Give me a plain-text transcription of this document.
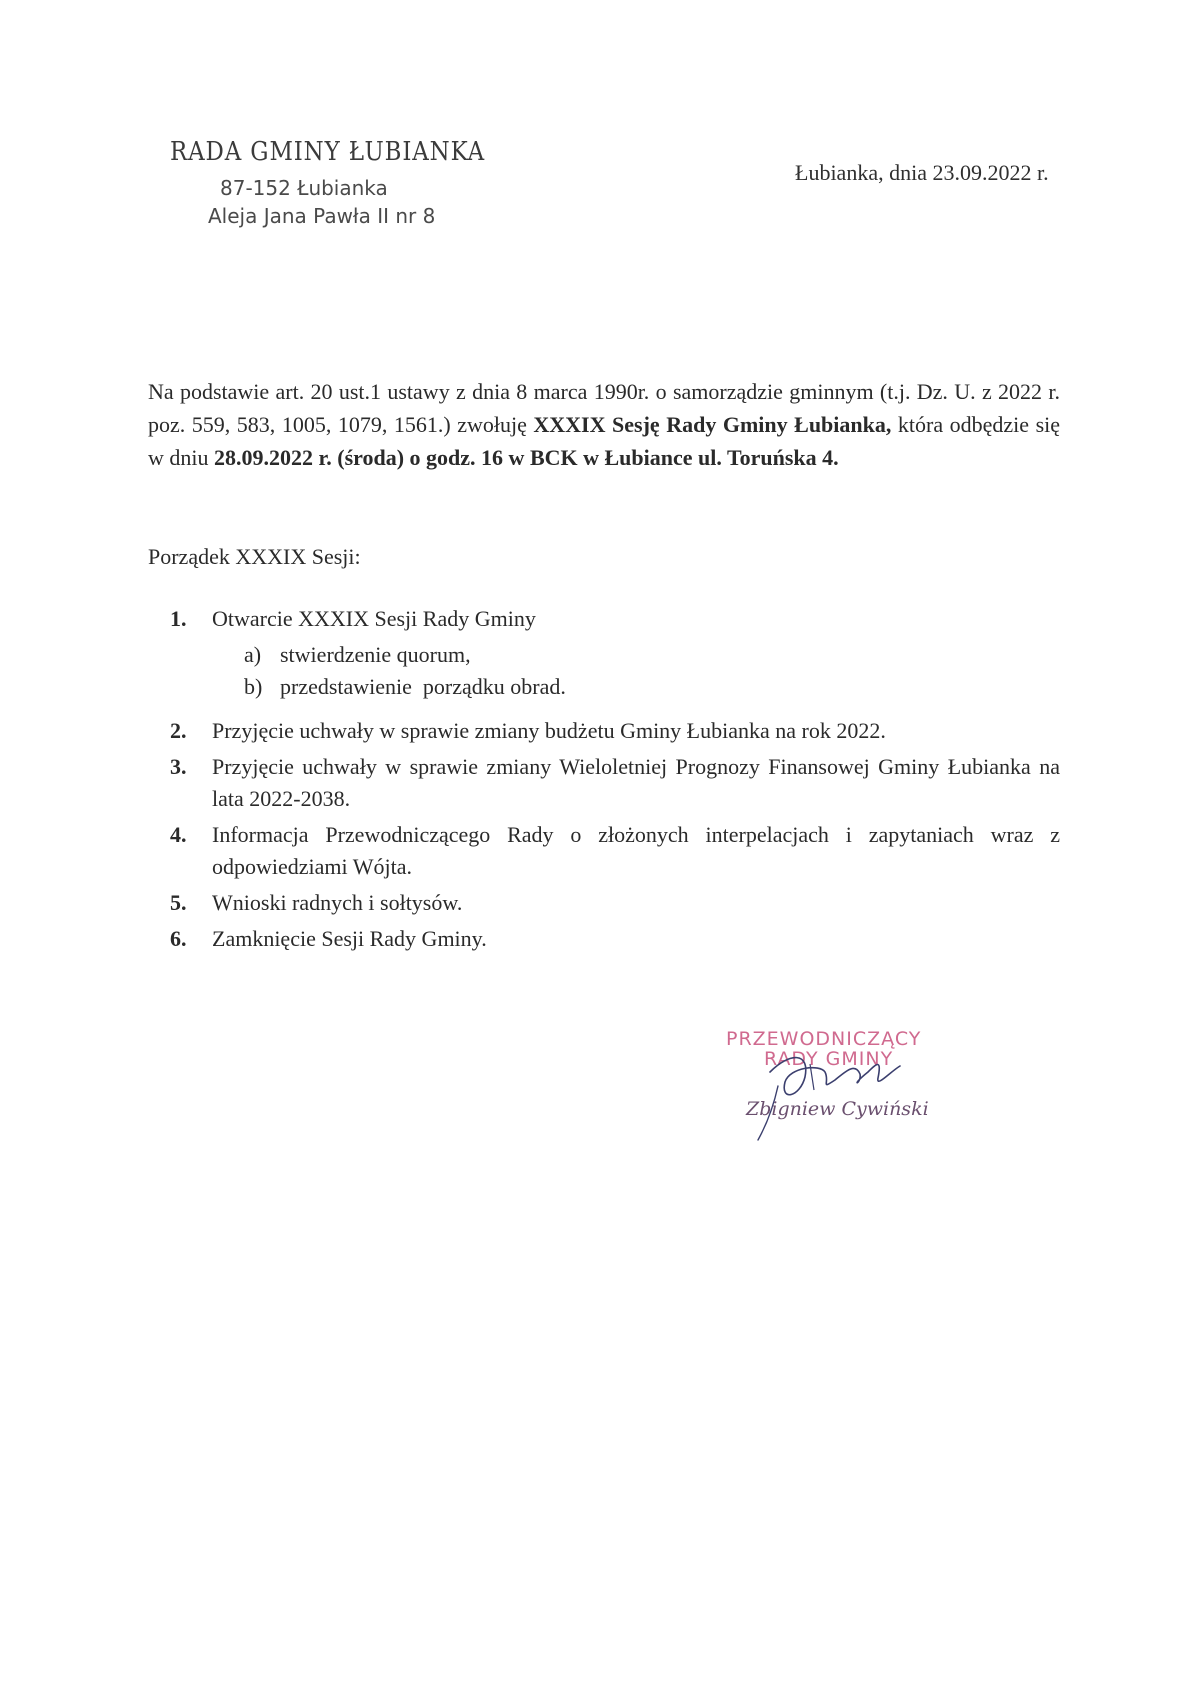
RADA GMINY ŁUBIANKA
87-152 Łubianka
Aleja Jana Pawła II nr 8
Łubianka, dnia 23.09.2022 r.
Na podstawie art. 20 ust.1 ustawy z dnia 8 marca 1990r. o samorządzie gminnym (t.j. Dz. U. z 2022 r. poz. 559, 583, 1005, 1079, 1561.) zwołuję XXXIX Sesję Rady Gminy Łubianka, która odbędzie się w dniu 28.09.2022 r. (środa) o godz. 16 w BCK w Łubiance ul. Toruńska 4.
Porządek XXXIX Sesji:
1.	Otwarcie XXXIX Sesji Rady Gminy
a) stwierdzenie quorum,
b) przedstawienie  porządku obrad.
2.	Przyjęcie uchwały w sprawie zmiany budżetu Gminy Łubianka na rok 2022.
3.	Przyjęcie uchwały w sprawie zmiany Wieloletniej Prognozy Finansowej Gminy Łubianka na lata 2022-2038.
4.	Informacja Przewodniczącego Rady o złożonych interpelacjach i zapytaniach wraz z odpowiedziami Wójta.
5.	Wnioski radnych i sołtysów.
6.	Zamknięcie Sesji Rady Gminy.
PRZEWODNICZĄCY
RADY GMINY
Zbigniew Cywiński
